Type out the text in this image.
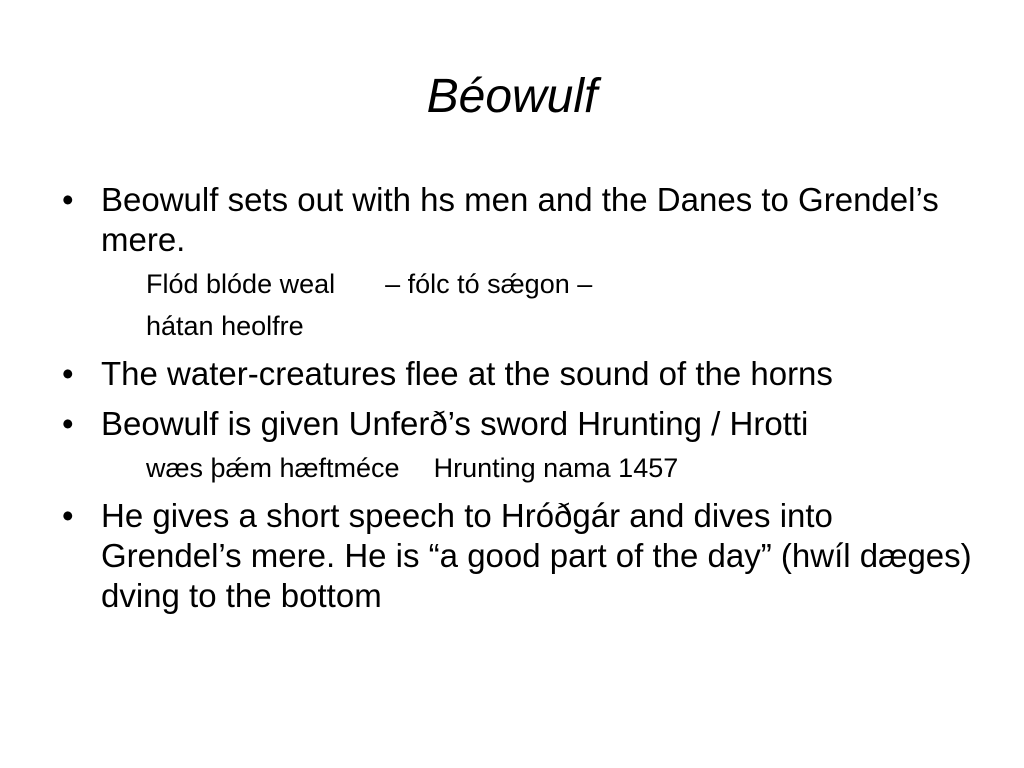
Béowulf
• Beowulf sets out with hs men and the Danes to Grendel’s mere.
Flód blóde weal – fólc tó sǽgon –
hátan heolfre
• The water-creatures flee at the sound of the horns
• Beowulf is given Unferð’s sword Hrunting / Hrotti
wæs þǽm hæftméce Hrunting nama 1457
• He gives a short speech to Hróðgár and dives into Grendel’s mere. He is “a good part of the day” (hwíl dæges) dving to the bottom
